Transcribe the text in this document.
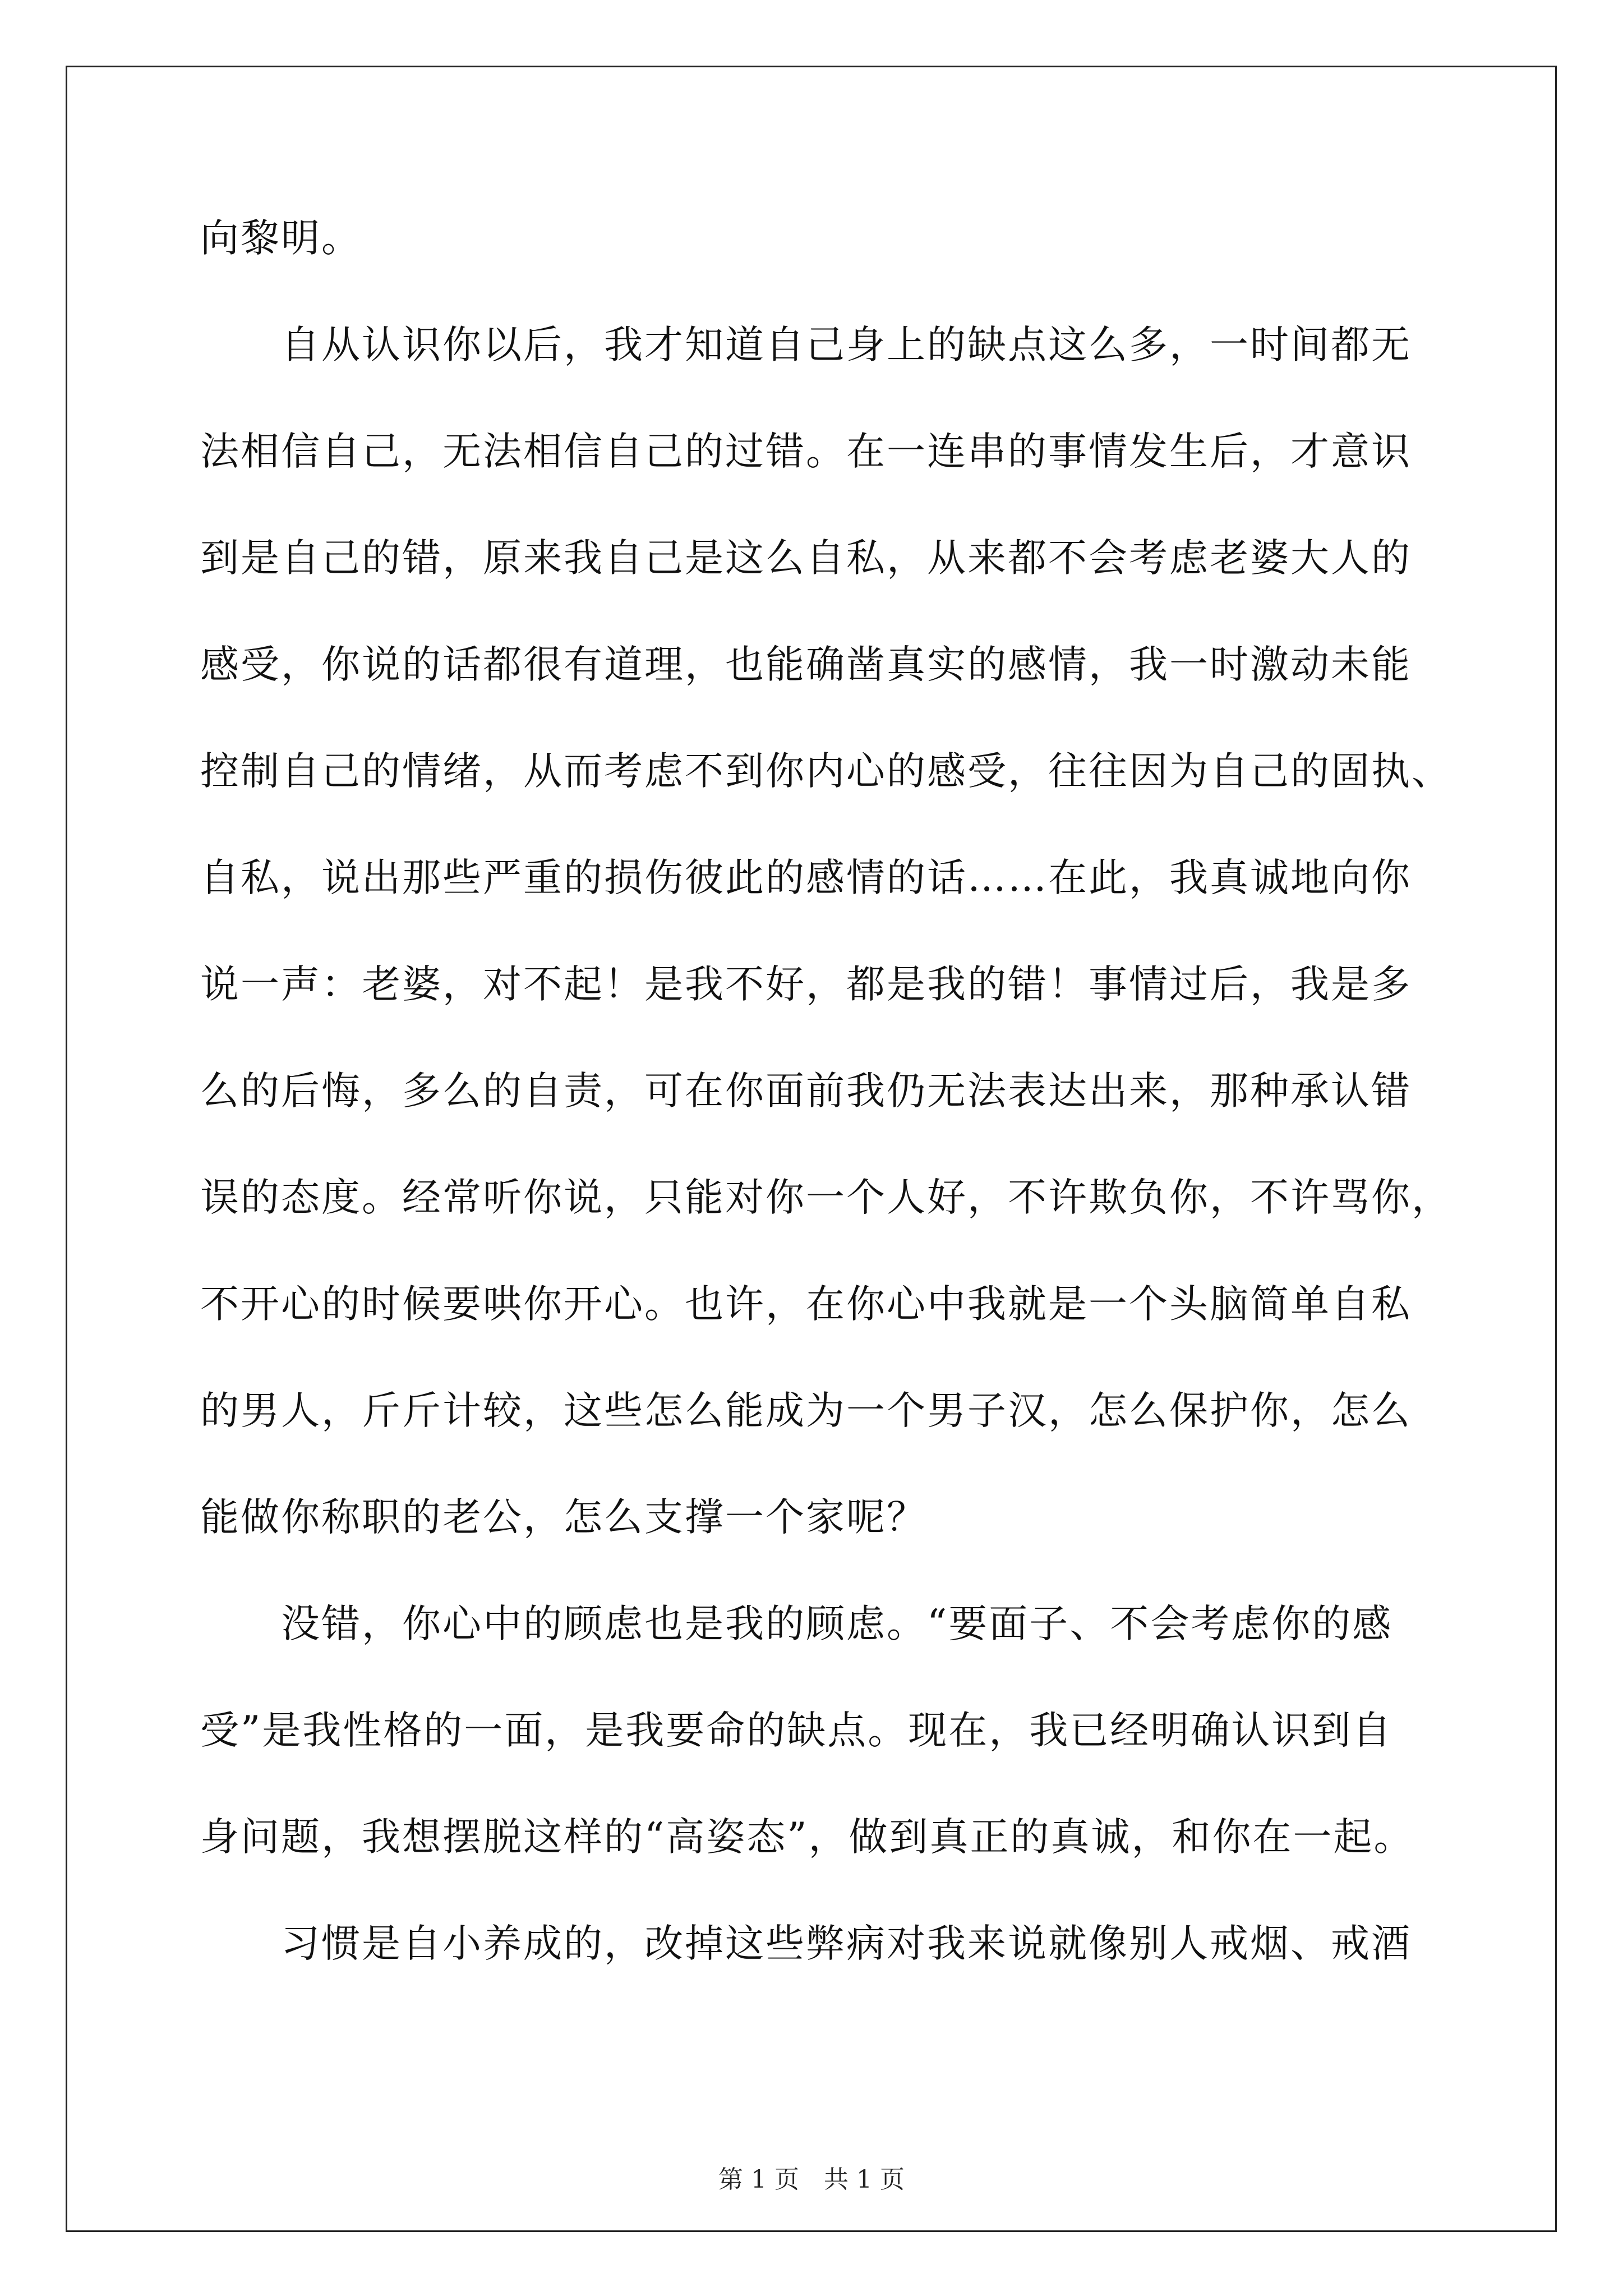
向黎明。
　　自从认识你以后，我才知道自己身上的缺点这么多，一时间都无
法相信自己，无法相信自己的过错。在一连串的事情发生后，才意识
到是自己的错，原来我自己是这么自私，从来都不会考虑老婆大人的
感受，你说的话都很有道理，也能确凿真实的感情，我一时激动未能
控制自己的情绪，从而考虑不到你内心的感受，往往因为自己的固执、
自私，说出那些严重的损伤彼此的感情的话……在此，我真诚地向你
说一声：老婆，对不起！是我不好，都是我的错！事情过后，我是多
么的后悔，多么的自责，可在你面前我仍无法表达出来，那种承认错
误的态度。经常听你说，只能对你一个人好，不许欺负你，不许骂你，
不开心的时候要哄你开心。也许，在你心中我就是一个头脑简单自私
的男人，斤斤计较，这些怎么能成为一个男子汉，怎么保护你，怎么
能做你称职的老公，怎么支撑一个家呢？
　　没错，你心中的顾虑也是我的顾虑。“要面子、不会考虑你的感
受”是我性格的一面，是我要命的缺点。现在，我已经明确认识到自
身问题，我想摆脱这样的“高姿态”，做到真正的真诚，和你在一起。
　　习惯是自小养成的，改掉这些弊病对我来说就像别人戒烟、戒酒
第 1 页 共 1 页
